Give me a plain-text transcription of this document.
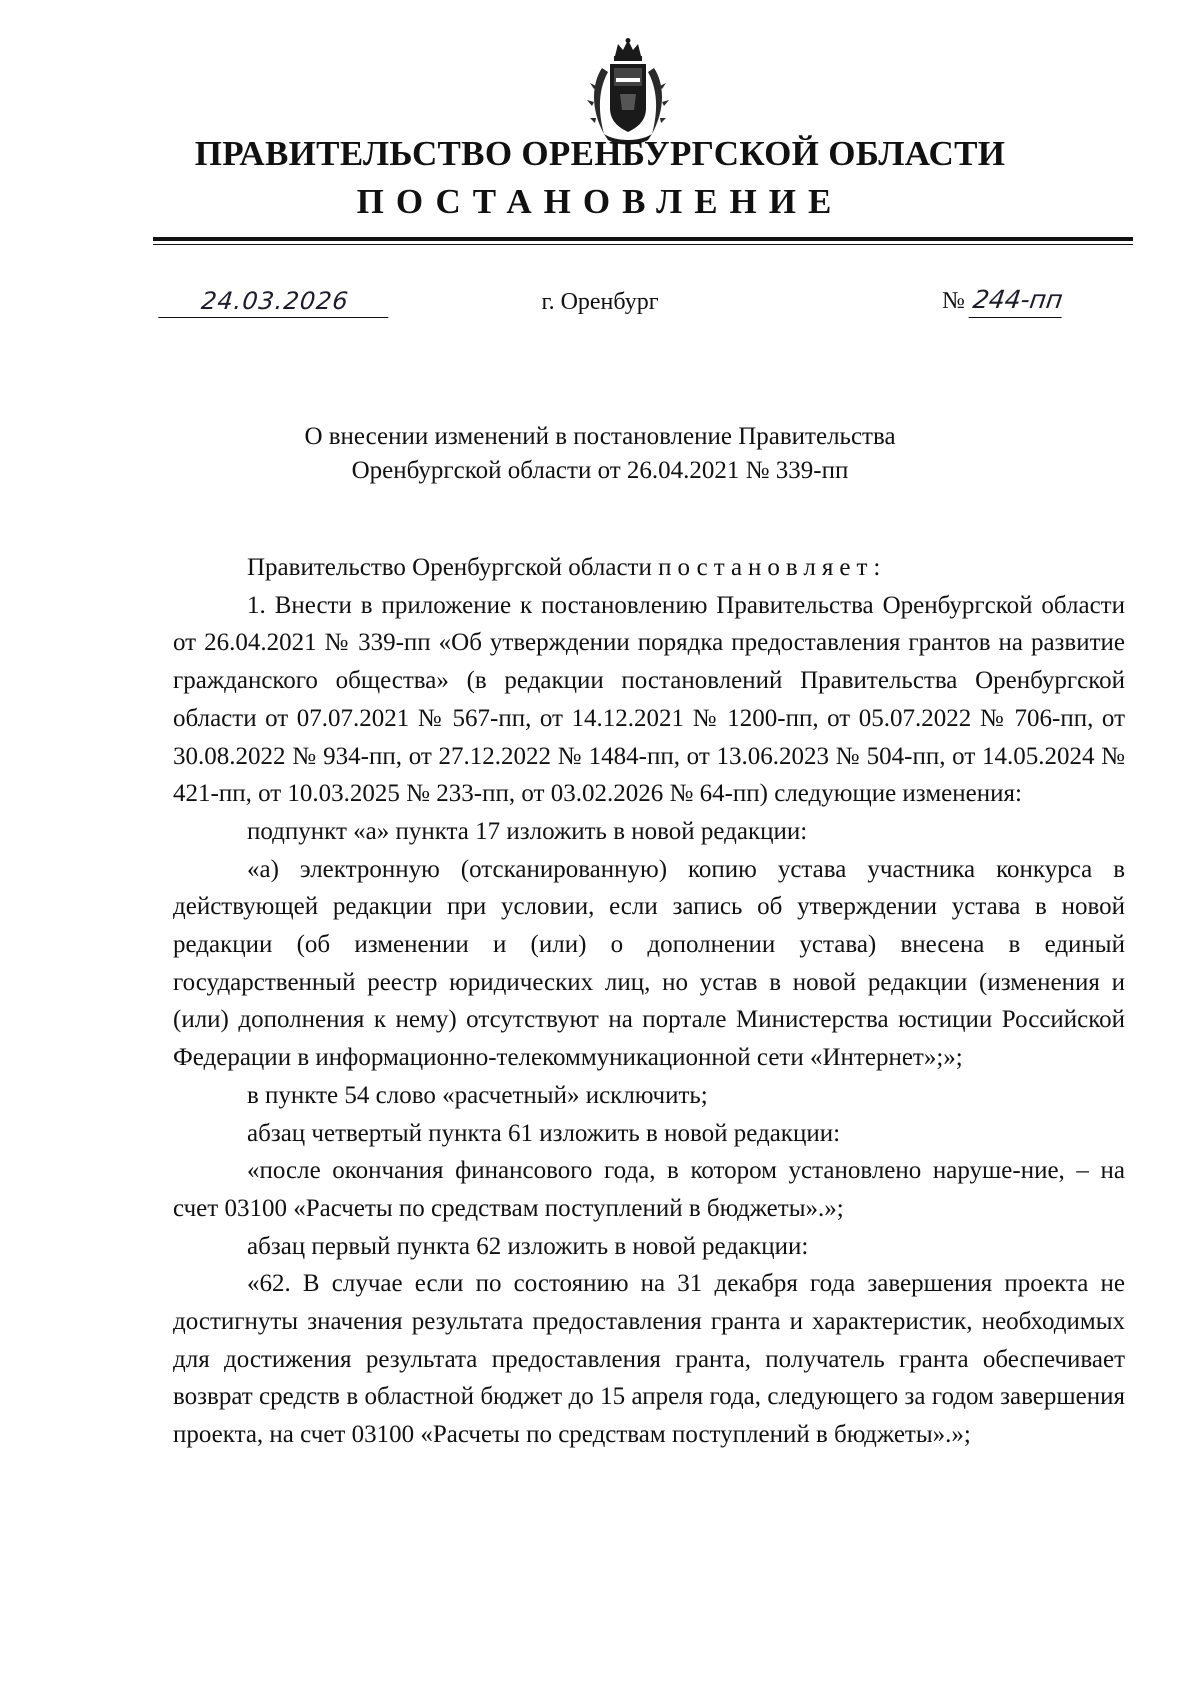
ПРАВИТЕЛЬСТВО ОРЕНБУРГСКОЙ ОБЛАСТИ
ПОСТАНОВЛЕНИЕ
24.03.2026	г. Оренбург	№ 244-пп
О внесении изменений в постановление Правительства
Оренбургской области от 26.04.2021 № 339-пп

Правительство Оренбургской области постановляет:

1. Внести в приложение к постановлению Правительства Оренбургской области от 26.04.2021 № 339-пп «Об утверждении порядка предоставления грантов на развитие гражданского общества» (в редакции постановлений Правительства Оренбургской области от 07.07.2021 № 567-пп, от 14.12.2021 № 1200-пп, от 05.07.2022 № 706-пп, от 30.08.2022 № 934-пп, от 27.12.2022 № 1484-пп, от 13.06.2023 № 504-пп, от 14.05.2024 № 421-пп, от 10.03.2025 № 233-пп, от 03.02.2026 № 64-пп) следующие изменения:

подпункт «а» пункта 17 изложить в новой редакции:

«а) электронную (отсканированную) копию устава участника конкурса в действующей редакции при условии, если запись об утверждении устава в новой редакции (об изменении и (или) о дополнении устава) внесена в единый государственный реестр юридических лиц, но устав в новой редакции (изменения и (или) дополнения к нему) отсутствуют на портале Министерства юстиции Российской Федерации в информационно-телекоммуникационной сети «Интернет»;»;

в пункте 54 слово «расчетный» исключить;

абзац четвертый пункта 61 изложить в новой редакции:

«после окончания финансового года, в котором установлено наруше-ние, – на счет 03100 «Расчеты по средствам поступлений в бюджеты».»;

абзац первый пункта 62 изложить в новой редакции:

«62. В случае если по состоянию на 31 декабря года завершения проекта не достигнуты значения результата предоставления гранта и характеристик, необходимых для достижения результата предоставления гранта, получатель гранта обеспечивает возврат средств в областной бюджет до 15 апреля года, следующего за годом завершения проекта, на счет 03100 «Расчеты по средствам поступлений в бюджеты».»;
